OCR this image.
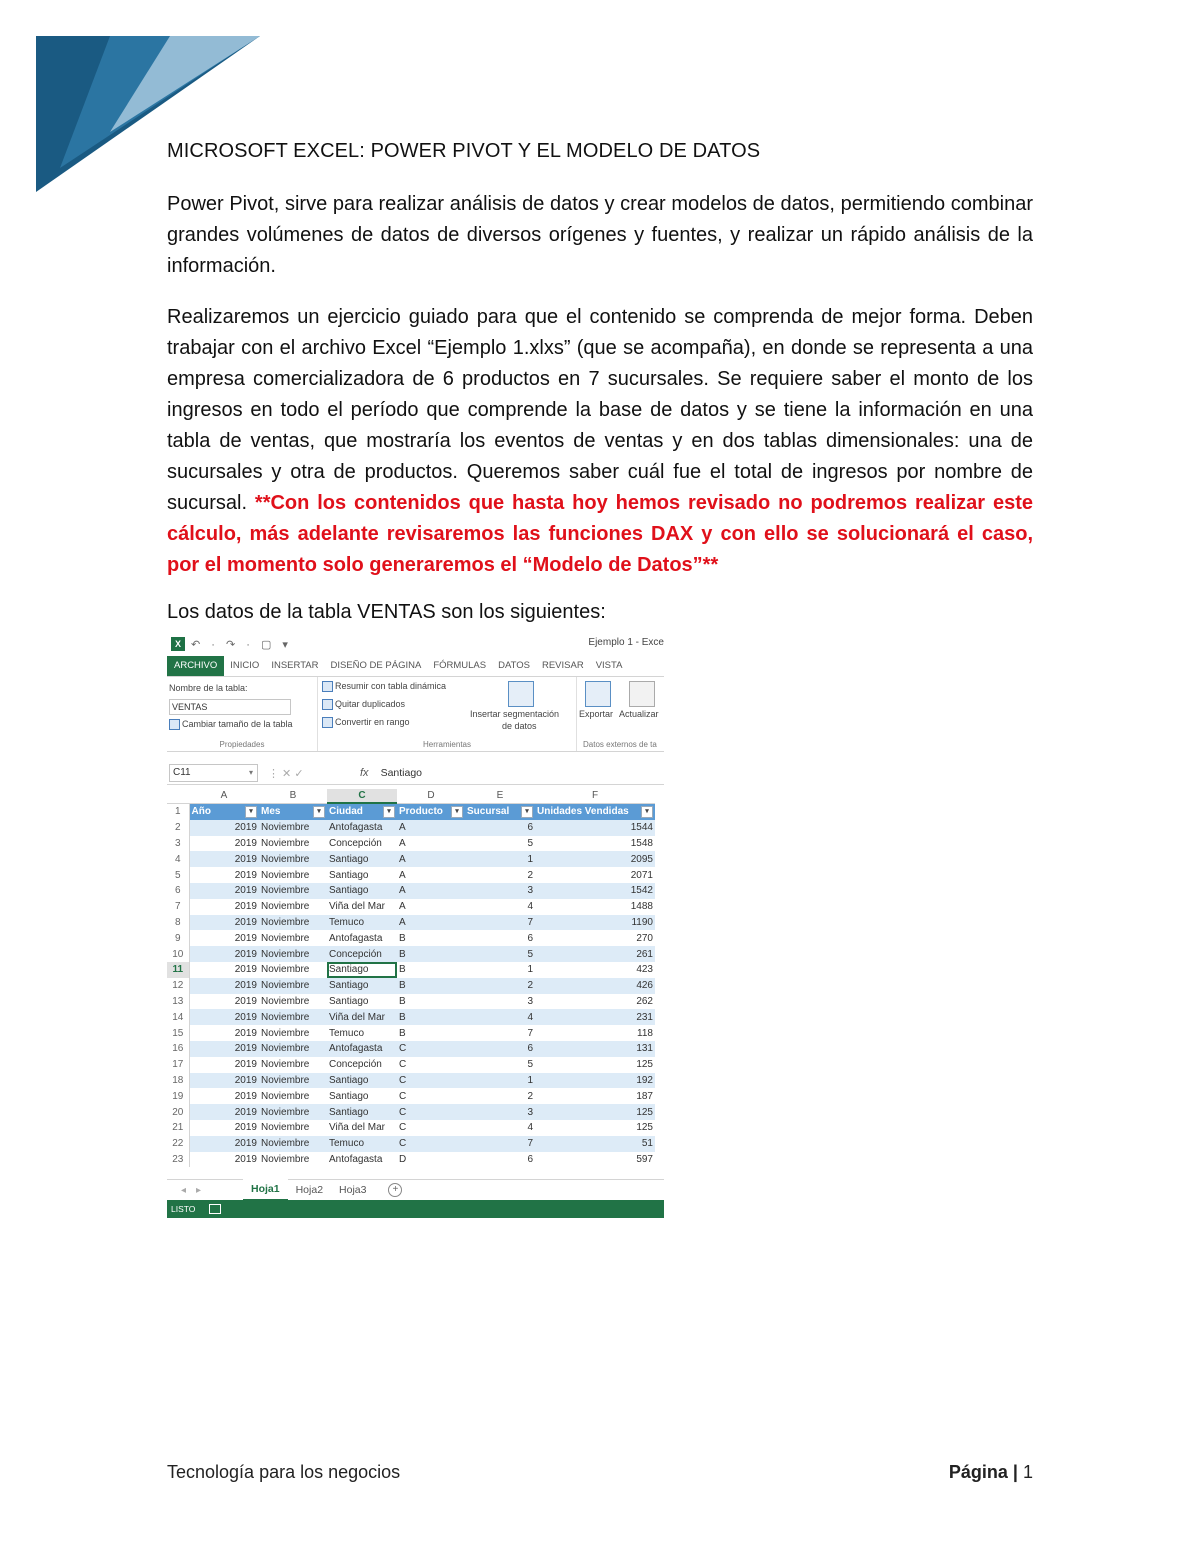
MICROSOFT EXCEL: POWER PIVOT Y EL MODELO DE DATOS

Power Pivot, sirve para realizar análisis de datos y crear modelos de datos, permitiendo combinar grandes volúmenes de datos de diversos orígenes y fuentes, y realizar un rápido análisis de la información.

Realizaremos un ejercicio guiado para que el contenido se comprenda de mejor forma. Deben trabajar con el archivo Excel “Ejemplo 1.xlxs” (que se acompaña), en donde se representa a una empresa comercializadora de 6 productos en 7 sucursales. Se requiere saber el monto de los ingresos en todo el período que comprende la base de datos y se tiene la información en una tabla de ventas, que mostraría los eventos de ventas y en dos tablas dimensionales: una de sucursales y otra de productos. Queremos saber cuál fue el total de ingresos por nombre de sucursal. **Con los contenidos que hasta hoy hemos revisado no podremos realizar este cálculo, más adelante revisaremos las funciones DAX y con ello se solucionará el caso, por el momento solo generaremos el “Modelo de Datos”**

Los datos de la tabla VENTAS son los siguientes:

X ↶ · ↷ · ▢ ▾	Ejemplo 1 - Exce
ARCHIVO	INICIO	INSERTAR	DISEÑO DE PÁGINA	FÓRMULAS	DATOS	REVISAR	VISTA
Nombre de la tabla:
VENTAS
Cambiar tamaño de la tabla
Propiedades
Resumir con tabla dinámica
Quitar duplicados
Convertir en rango
Insertar segmentación
de datos
Herramientas
Exportar Actualizar
Datos externos de ta
C11	▾ ⋮ ✕ ✓	fx Santiago
	A	B	C	D	E	F
1	Año ▾	Mes ▾	Ciudad ▾	Producto ▾	Sucursal ▾	Unidades Vendidas ▾

2	2019	Noviembre	Antofagasta	A	6	1544
3	2019	Noviembre	Concepción	A	5	1548
4	2019	Noviembre	Santiago	A	1	2095
5	2019	Noviembre	Santiago	A	2	2071
6	2019	Noviembre	Santiago	A	3	1542
7	2019	Noviembre	Viña del Mar	A	4	1488
8	2019	Noviembre	Temuco	A	7	1190
9	2019	Noviembre	Antofagasta	B	6	270
10	2019	Noviembre	Concepción	B	5	261
11	2019	Noviembre	Santiago	B	1	423
12	2019	Noviembre	Santiago	B	2	426
13	2019	Noviembre	Santiago	B	3	262
14	2019	Noviembre	Viña del Mar	B	4	231
15	2019	Noviembre	Temuco	B	7	118
16	2019	Noviembre	Antofagasta	C	6	131
17	2019	Noviembre	Concepción	C	5	125
18	2019	Noviembre	Santiago	C	1	192
19	2019	Noviembre	Santiago	C	2	187
20	2019	Noviembre	Santiago	C	3	125
21	2019	Noviembre	Viña del Mar	C	4	125
22	2019	Noviembre	Temuco	C	7	51
23	2019	Noviembre	Antofagasta	D	6	597
◂▸	Hoja1	Hoja2	Hoja3	+
LISTO
Tecnología para los negocios	Página | 1
